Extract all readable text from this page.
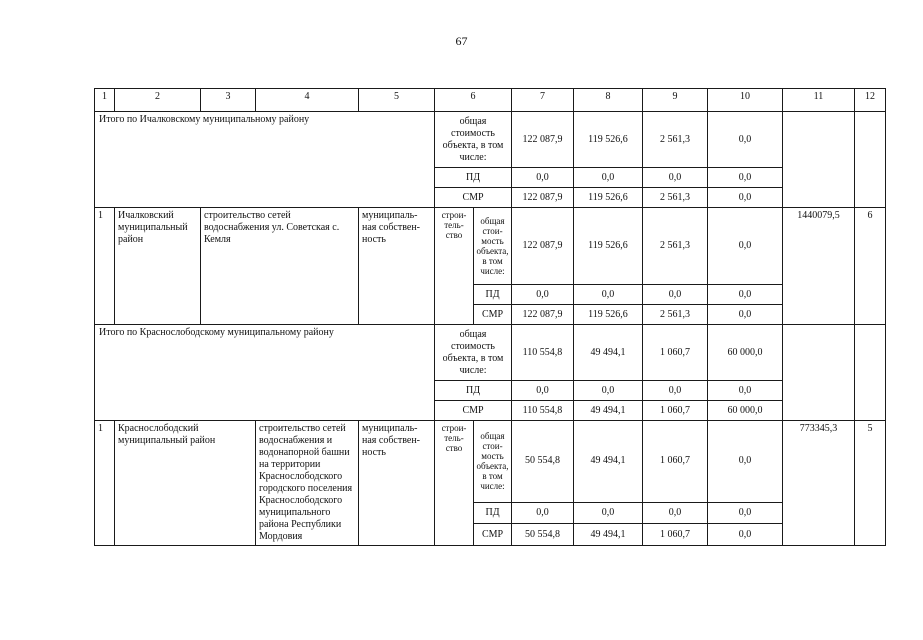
67
1	2	3	4	5	6		7	8	9	10	11	12
Итого по Ичалковскому муниципальному району					общая стоимость объекта, в том числе:		122 087,9	119 526,6	2 561,3	0,0		
					ПД		0,0	0,0	0,0	0,0		
					СМР		122 087,9	119 526,6	2 561,3	0,0		
1	Ичалковский муниципальный район	строительство сетей водоснабжения ул. Советская с. Кемля		муниципаль-ная собствен-ность	строи-тель-ство	общая стои-мость объекта, в том числе:	122 087,9	119 526,6	2 561,3	0,0	1440079,5	6
						ПД	0,0	0,0	0,0	0,0		
						СМР	122 087,9	119 526,6	2 561,3	0,0		
Итого по Краснослободскому муниципальному району					общая стоимость объекта, в том числе:		110 554,8	49 494,1	1 060,7	60 000,0		
					ПД		0,0	0,0	0,0	0,0		
					СМР		110 554,8	49 494,1	1 060,7	60 000,0		
1	Краснослободский муниципальный район		строительство сетей водоснабжения и водонапорной башни на территории Краснослободского городского поселения Краснослободского муниципального района Республики Мордовия	муниципаль-ная собствен-ность	строи-тель-ство	общая стои-мость объекта, в том числе:	50 554,8	49 494,1	1 060,7	0,0	773345,3	5
						ПД	0,0	0,0	0,0	0,0		
						СМР	50 554,8	49 494,1	1 060,7	0,0		
